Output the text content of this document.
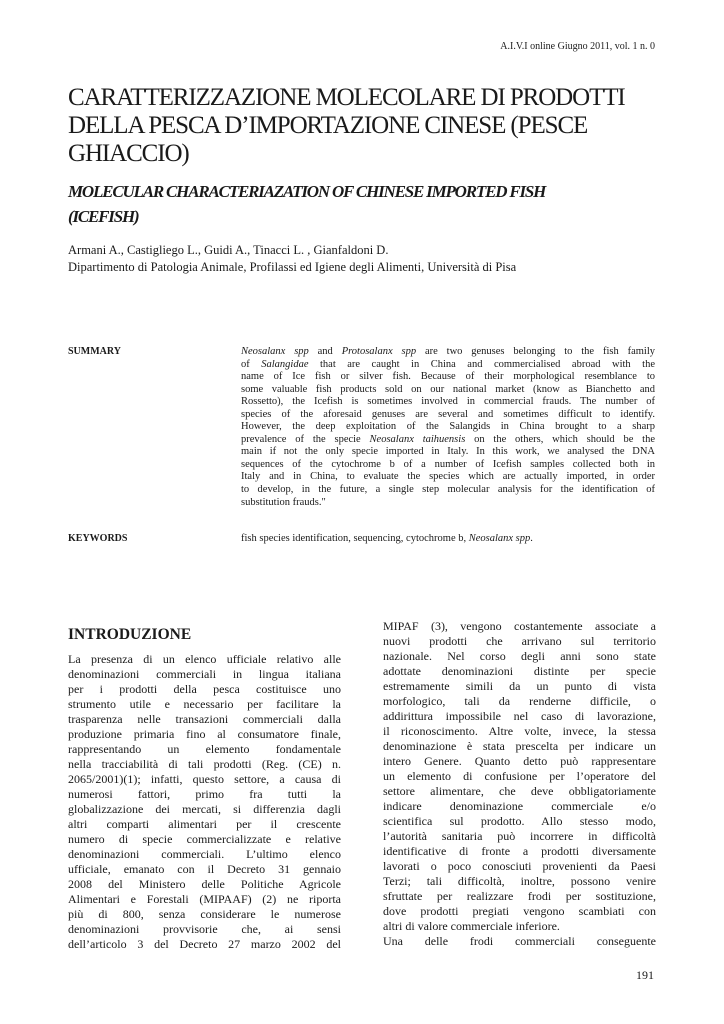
A.I.V.I online Giugno 2011, vol. 1 n. 0
CARATTERIZZAZIONE MOLECOLARE DI PRODOTTI
DELLA PESCA D’IMPORTAZIONE CINESE (PESCE
GHIACCIO)
MOLECULAR CHARACTERIAZATION OF CHINESE IMPORTED FISH
(ICEFISH)
Armani A., Castigliego L., Guidi A., Tinacci L. , Gianfaldoni D.
Dipartimento di Patologia Animale, Profilassi ed Igiene degli Alimenti, Università di Pisa
SUMMARY	Neosalanx spp and Protosalanx spp are two genuses belonging to the fish family
of Salangidae that are caught in China and commercialised abroad with the
name of Ice fish or silver fish. Because of their morphological resemblance to
some valuable fish products sold on our national market (know as Bianchetto and
Rossetto), the Icefish is sometimes involved in commercial frauds. The number of
species of the aforesaid genuses are several and sometimes difficult to identify.
However, the deep exploitation of the Salangids in China brought to a sharp
prevalence of the specie Neosalanx taihuensis on the others, which should be the
main if not the only specie imported in Italy. In this work, we analysed the DNA
sequences of the cytochrome b of a number of Icefish samples collected both in
Italy and in China, to evaluate the species which are actually imported, in order
to develop, in the future, a single step molecular analysis for the identification of
substitution frauds."
KEYWORDS	fish species identification, sequencing, cytochrome b, Neosalanx spp.
INTRODUZIONE
La presenza di un elenco ufficiale relativo alle
denominazioni commerciali in lingua italiana
per i prodotti della pesca costituisce uno
strumento utile e necessario per facilitare la
trasparenza nelle transazioni commerciali dalla
produzione primaria fino al consumatore finale,
rappresentando un elemento fondamentale
nella tracciabilità di tali prodotti (Reg. (CE) n.
2065/2001)(1); infatti, questo settore, a causa di
numerosi fattori, primo fra tutti la
globalizzazione dei mercati, si differenzia dagli
altri comparti alimentari per il crescente
numero di specie commercializzate e relative
denominazioni commerciali. L’ultimo elenco
ufficiale, emanato con il Decreto 31 gennaio
2008 del Ministero delle Politiche Agricole
Alimentari e Forestali (MIPAAF) (2) ne riporta
più di 800, senza considerare le numerose
denominazioni provvisorie che, ai sensi
dell’articolo 3 del Decreto 27 marzo 2002 del
MIPAF (3), vengono costantemente associate a
nuovi prodotti che arrivano sul territorio
nazionale. Nel corso degli anni sono state
adottate denominazioni distinte per specie
estremamente simili da un punto di vista
morfologico, tali da renderne difficile, o
addirittura impossibile nel caso di lavorazione,
il riconoscimento. Altre volte, invece, la stessa
denominazione è stata prescelta per indicare un
intero Genere. Quanto detto può rappresentare
un elemento di confusione per l’operatore del
settore alimentare, che deve obbligatoriamente
indicare denominazione commerciale e/o
scientifica sul prodotto. Allo stesso modo,
l’autorità sanitaria può incorrere in difficoltà
identificative di fronte a prodotti diversamente
lavorati o poco conosciuti provenienti da Paesi
Terzi; tali difficoltà, inoltre, possono venire
sfruttate per realizzare frodi per sostituzione,
dove prodotti pregiati vengono scambiati con
altri di valore commerciale inferiore.
Una delle frodi commerciali conseguente
191
